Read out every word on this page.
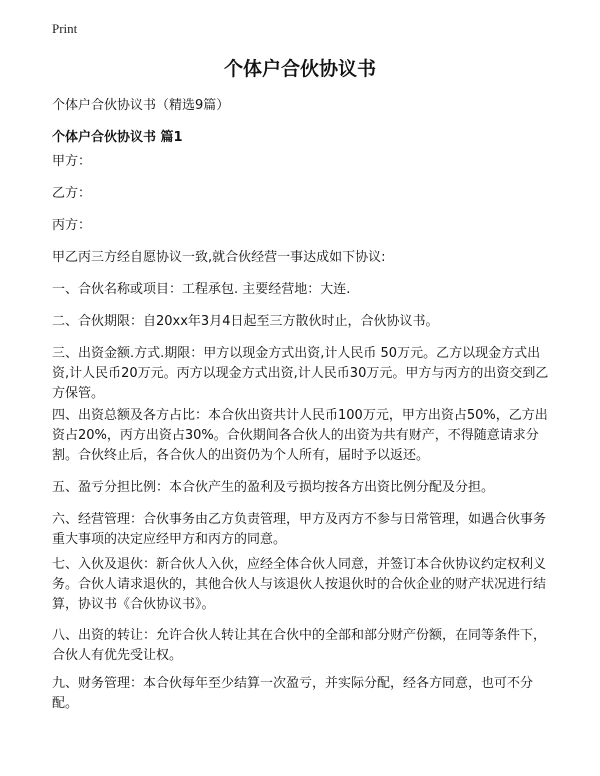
Print
个体户合伙协议书

个体户合伙协议书（精选9篇）

个体户合伙协议书 篇1

甲方：

乙方：

丙方：

甲乙丙三方经自愿协议一致,就合伙经营一事达成如下协议:

一、合伙名称或项目：工程承包. 主要经营地：大连.

二、合伙期限：自20xx年3月4日起至三方散伙时止，合伙协议书。

三、出资金额.方式.期限：甲方以现金方式出资,计人民币 50万元。乙方以现金方式出资,计人民币20万元。丙方以现金方式出资,计人民币30万元。甲方与丙方的出资交到乙方保管。

四、出资总额及各方占比：本合伙出资共计人民币100万元，甲方出资占50%，乙方出资占20%，丙方出资占30%。合伙期间各合伙人的出资为共有财产，不得随意请求分割。合伙终止后，各合伙人的出资仍为个人所有，届时予以返还。

五、盈亏分担比例：本合伙产生的盈利及亏损均按各方出资比例分配及分担。

六、经营管理：合伙事务由乙方负责管理，甲方及丙方不参与日常管理，如遇合伙事务重大事项的决定应经甲方和丙方的同意。

七、入伙及退伙：新合伙人入伙，应经全体合伙人同意，并签订本合伙协议约定权利义务。合伙人请求退伙的，其他合伙人与该退伙人按退伙时的合伙企业的财产状况进行结算，协议书《合伙协议书》。

八、出资的转让：允许合伙人转让其在合伙中的全部和部分财产份额，在同等条件下，合伙人有优先受让权。

九、财务管理：本合伙每年至少结算一次盈亏，并实际分配，经各方同意，也可不分配。
